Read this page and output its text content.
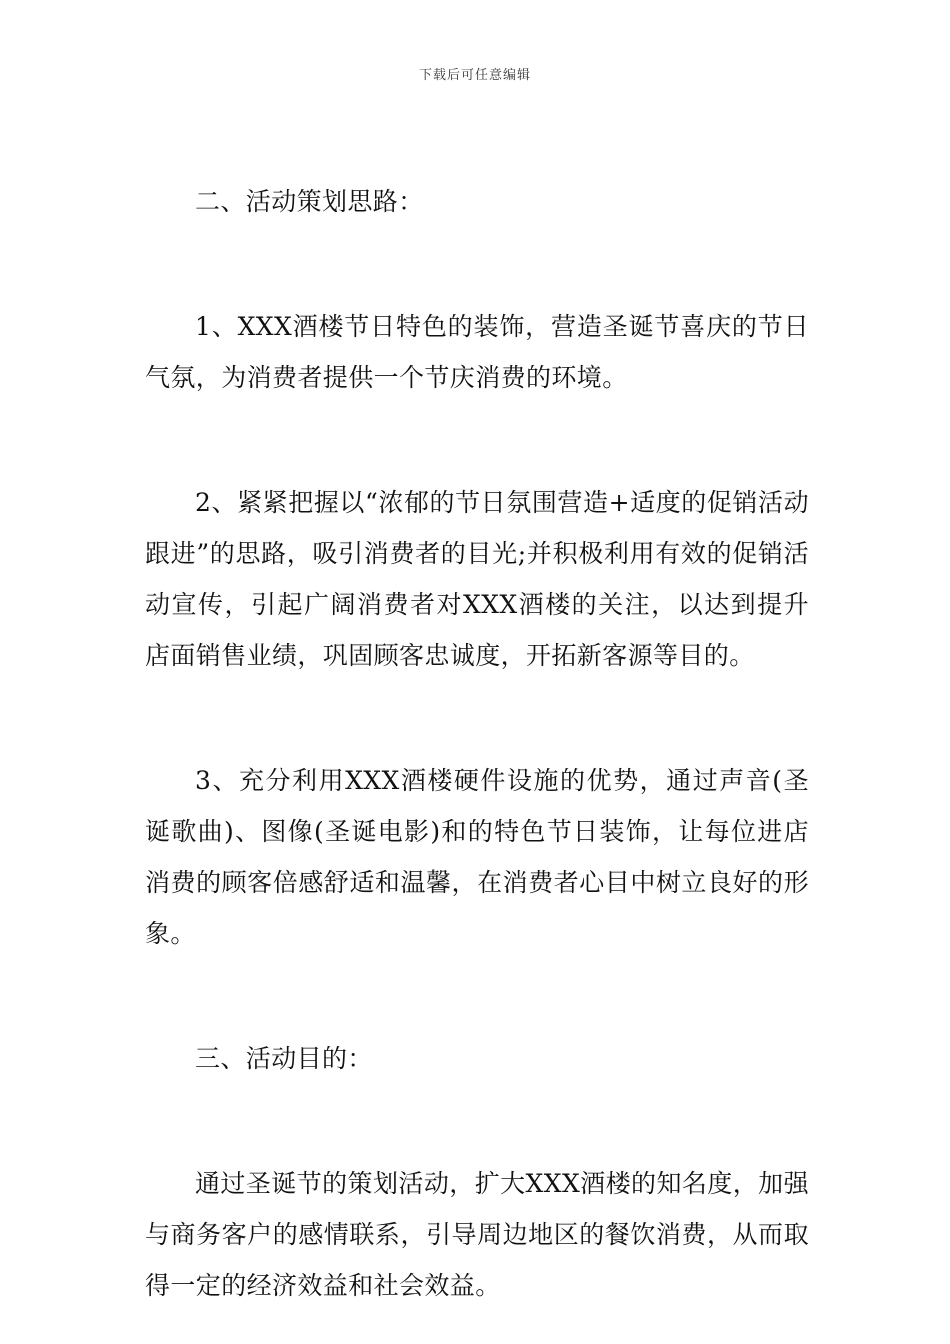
下载后可任意编辑

二、活动策划思路：

1、XXX酒楼节日特色的装饰，营造圣诞节喜庆的节日气氛，为消费者提供一个节庆消费的环境。

2、紧紧把握以“浓郁的节日氛围营造+适度的促销活动跟进”的思路，吸引消费者的目光;并积极利用有效的促销活动宣传，引起广阔消费者对XXX酒楼的关注，以达到提升店面销售业绩，巩固顾客忠诚度，开拓新客源等目的。

3、充分利用XXX酒楼硬件设施的优势，通过声音(圣诞歌曲)、图像(圣诞电影)和的特色节日装饰，让每位进店消费的顾客倍感舒适和温馨，在消费者心目中树立良好的形象。

三、活动目的：

通过圣诞节的策划活动，扩大XXX酒楼的知名度，加强与商务客户的感情联系，引导周边地区的餐饮消费，从而取得一定的经济效益和社会效益。
